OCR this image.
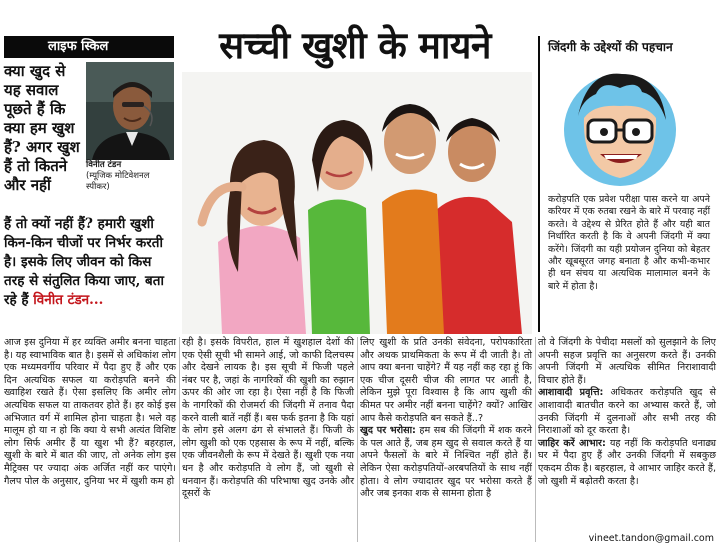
लाइफ स्किल	सच्ची खुशी के मायने
क्या खुद से यह सवाल पूछते हैं कि क्या हम खुश हैं? अगर खुश हैं तो कितने और नहीं
विनीत टंडन
(म्यूजिक मोटिवेशनल स्पीकर)
हैं तो क्यों नहीं हैं? हमारी खुशी किन-किन चीजों पर निर्भर करती है। इसके लिए जीवन को किस तरह से संतुलित किया जाए, बता रहे हैं विनीत टंडन...
जिंदगी के उद्देश्यों की पहचान
करोड़पति एक प्रवेश परीक्षा पास करने या अपने करियर में एक रुतबा रखने के बारे में परवाह नहीं करते। वे उद्देश्य से प्रेरित होते हैं और यही बात निर्धारित करती है कि वे अपनी जिंदगी में क्या करेंगे। जिंदगी का यही प्रयोजन दुनिया को बेहतर और खूबसूरत जगह बनाता है और कभी-कभार ही धन संचय या अत्यधिक मालामाल बनने के बारे में होता है।

आज इस दुनिया में हर व्यक्ति अमीर बनना चाहता है। यह स्वाभाविक बात है। इसमें से अधिकांश लोग एक मध्यमवर्गीय परिवार में पैदा हुए हैं और एक दिन अत्यधिक सफल या करोड़पति बनने की ख्वाहिश रखते हैं। ऐसा इसलिए कि अमीर लोग अत्यधिक सफल या ताकतवर होते हैं। हर कोई इस अभिजात वर्ग में शामिल होना चाहता है। भले वह मालूम हो या न हो कि क्या ये सभी अत्यंत विशिष्ट लोग सिर्फ अमीर हैं या खुश भी हैं? बहरहाल, खुशी के बारे में बात की जाए, तो अनेक लोग इस मैट्रिक्स पर ज्यादा अंक अर्जित नहीं कर पाएंगे। गैलप पोल के अनुसार, दुनिया भर में खुशी कम हो

रही है। इसके विपरीत, हाल में खुशहाल देशों की एक ऐसी सूची भी सामने आई, जो काफी दिलचस्प और देखने लायक है। इस सूची में फिजी पहले नंबर पर है, जहां के नागरिकों की खुशी का रुझान ऊपर की ओर जा रहा है। ऐसा नहीं है कि फिजी के नागरिकों की रोजमर्रा की जिंदगी में तनाव पैदा करने वाली बातें नहीं हैं। बस फर्क इतना है कि यहां के लोग इसे अलग ढंग से संभालते हैं। फिजी के लोग खुशी को एक एहसास के रूप में नहीं, बल्कि एक जीवनशैली के रूप में देखते हैं। खुशी एक नया धन है और करोड़पति वे लोग हैं, जो खुशी से धनवान हैं। करोड़पति की परिभाषा खुद उनके और दूसरों के

लिए खुशी के प्रति उनकी संवेदना, परोपकारिता और अथक प्राथमिकता के रूप में दी जाती है। तो आप क्या बनना चाहेंगे? मैं यह नहीं कह रहा हूं कि एक चीज दूसरी चीज की लागत पर आती है, लेकिन मुझे पूरा विश्वास है कि आप खुशी की कीमत पर अमीर नहीं बनना चाहेंगे? क्यों? आखिर आप कैसे करोड़पति बन सकते हैं..?

खुद पर भरोसा: हम सब की जिंदगी में शक करने के पल आते हैं, जब हम खुद से सवाल करते हैं या अपने फैसलों के बारे में निश्चित नहीं होते हैं। लेकिन ऐसा करोड़पतियों-अरबपतियों के साथ नहीं होता। वे लोग ज्यादातर खुद पर भरोसा करते हैं और जब इनका शक से सामना होता है

तो वे जिंदगी के पेचीदा मसलों को सुलझाने के लिए अपनी सहज प्रवृत्ति का अनुसरण करते हैं। उनकी अपनी जिंदगी में अत्यधिक सीमित निराशावादी विचार होते हैं।

आशावादी प्रवृत्ति: अधिकतर करोड़पति खुद से आशावादी बातचीत करने का अभ्यास करते हैं, जो उनकी जिंदगी में दुलनाओं और सभी तरह की निराशाओं को दूर करता है।

जाहिर करें आभार: यह नहीं कि करोड़पति धनाढ्य घर में पैदा हुए हैं और उनकी जिंदगी में सबकुछ एकदम ठीक है। बहरहाल, वे आभार जाहिर करते हैं, जो खुशी में बढ़ोतरी करता है।

vineet.tandon@gmail.com
